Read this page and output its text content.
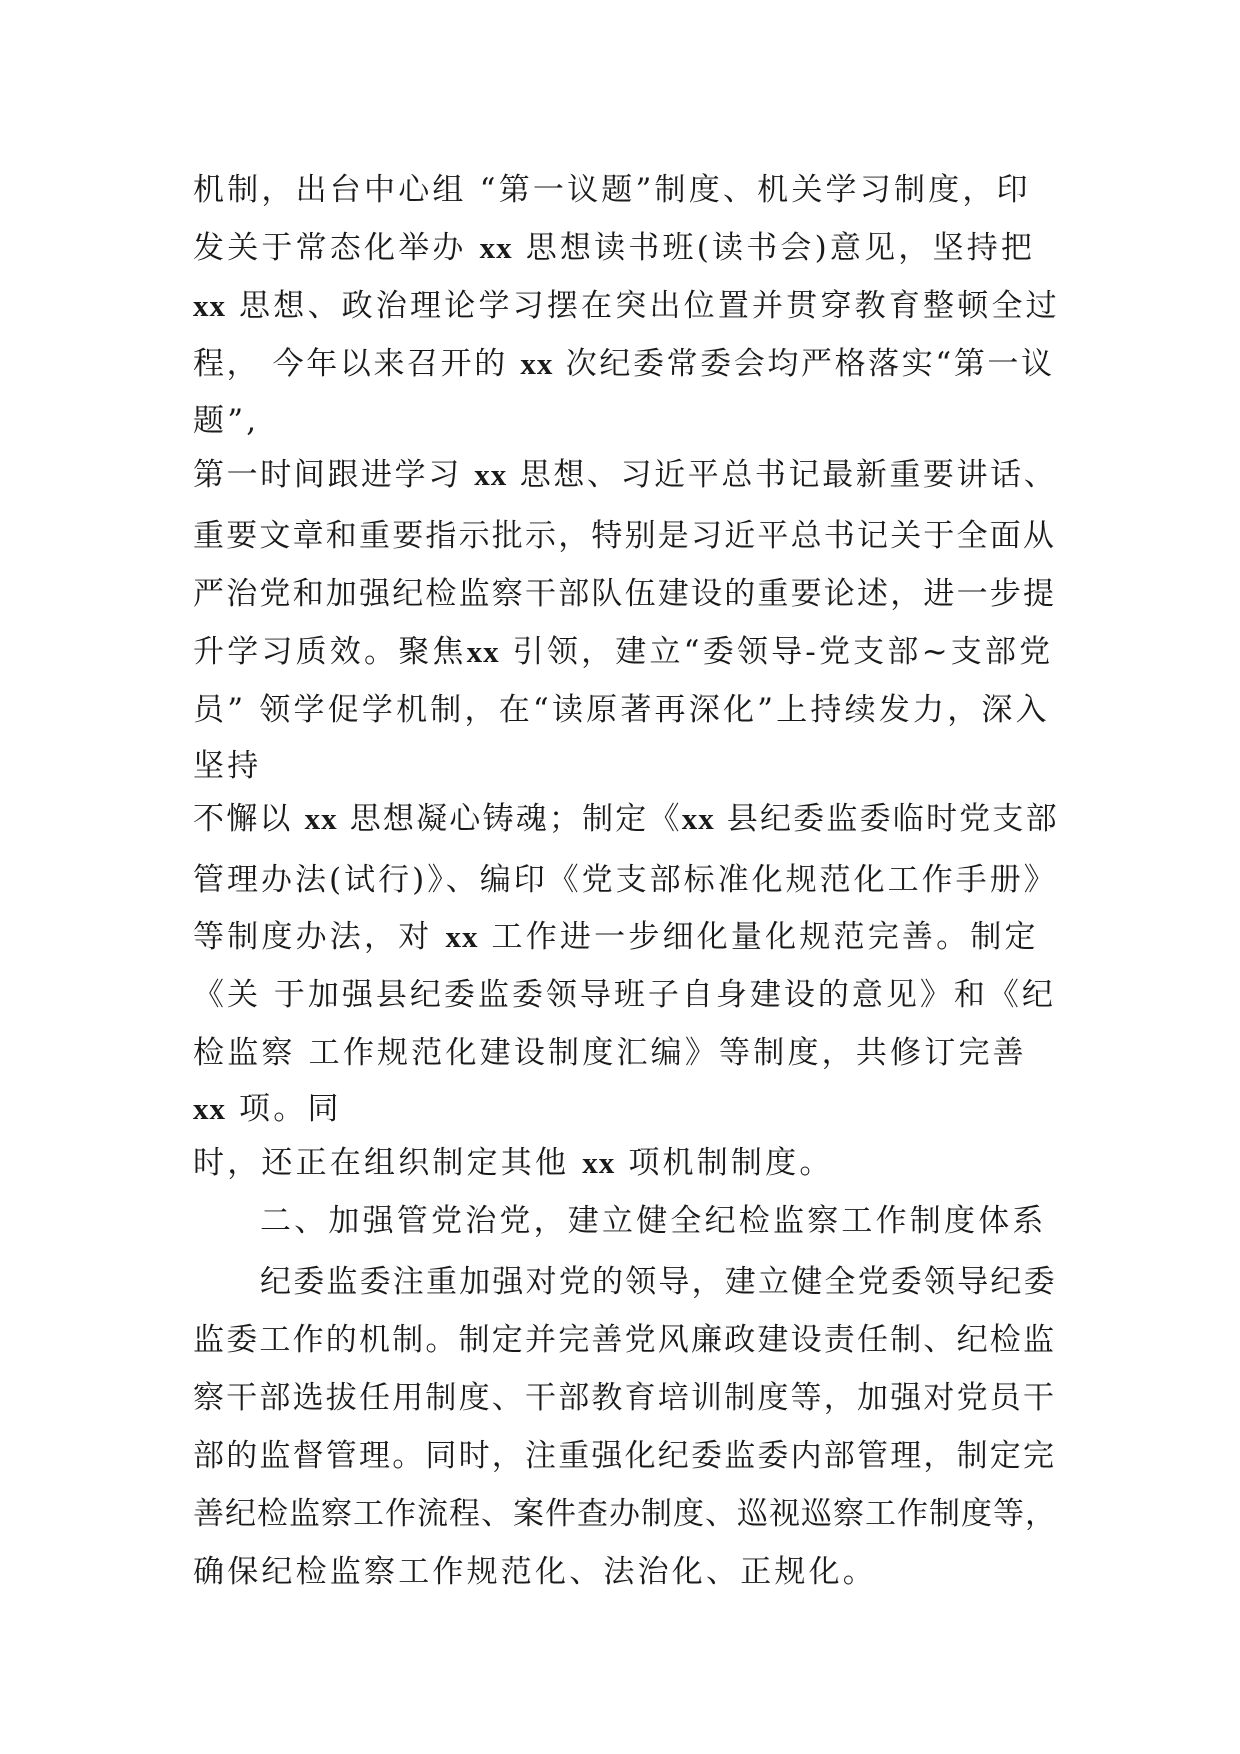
机制，出台中心组 “第一议题”制度、机关学习制度，印
发关于常态化举办 xx 思想读书班(读书会)意见，坚持把
xx 思想、政治理论学习摆在突出位置并贯穿教育整顿全过
程， 今年以来召开的 xx 次纪委常委会均严格落实“第一议
题”,
第一时间跟进学习 xx 思想、习近平总书记最新重要讲话、
重要文章和重要指示批示，特别是习近平总书记关于全面从
严治党和加强纪检监察干部队伍建设的重要论述，进一步提
升学习质效。聚焦xx 引领，建立“委领导-党支部~支部党
员” 领学促学机制，在“读原著再深化”上持续发力，深入
坚持
不懈以 xx 思想凝心铸魂；制定《xx 县纪委监委临时党支部
管理办法(试行)》、编印《党支部标准化规范化工作手册》
等制度办法，对 xx 工作进一步细化量化规范完善。制定
《关 于加强县纪委监委领导班子自身建设的意见》和《纪
检监察 工作规范化建设制度汇编》等制度，共修订完善
xx 项。同
时，还正在组织制定其他 xx 项机制制度。
二、加强管党治党，建立健全纪检监察工作制度体系
纪委监委注重加强对党的领导，建立健全党委领导纪委
监委工作的机制。制定并完善党风廉政建设责任制、纪检监
察干部选拔任用制度、干部教育培训制度等，加强对党员干
部的监督管理。同时，注重强化纪委监委内部管理，制定完
善纪检监察工作流程、案件查办制度、巡视巡察工作制度等，
确保纪检监察工作规范化、法治化、正规化。
